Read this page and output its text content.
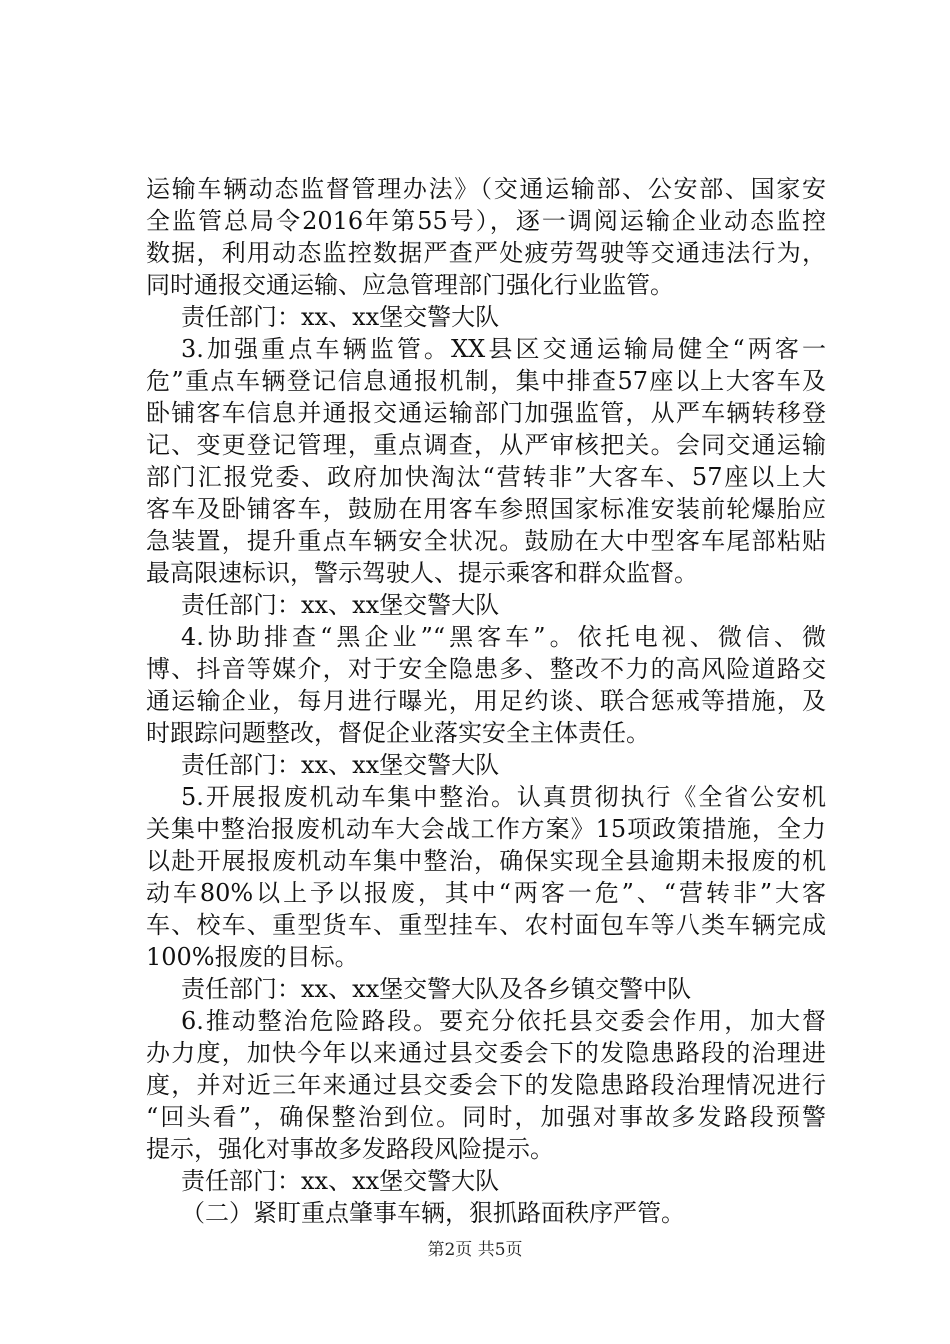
运输车辆动态监督管理办法》（交通运输部、公安部、国家安
全监管总局令2016年第55号），逐一调阅运输企业动态监控
数据，利用动态监控数据严查严处疲劳驾驶等交通违法行为，
同时通报交通运输、应急管理部门强化行业监管。
责任部门：xx、xx堡交警大队
3.加强重点车辆监管。XX县区交通运输局健全“两客一
危”重点车辆登记信息通报机制，集中排查57座以上大客车及
卧铺客车信息并通报交通运输部门加强监管，从严车辆转移登
记、变更登记管理，重点调查，从严审核把关。会同交通运输
部门汇报党委、政府加快淘汰“营转非”大客车、57座以上大
客车及卧铺客车，鼓励在用客车参照国家标准安装前轮爆胎应
急装置，提升重点车辆安全状况。鼓励在大中型客车尾部粘贴
最高限速标识，警示驾驶人、提示乘客和群众监督。
责任部门：xx、xx堡交警大队
4.协助排查“黑企业”“黑客车”。依托电视、微信、微
博、抖音等媒介，对于安全隐患多、整改不力的高风险道路交
通运输企业，每月进行曝光，用足约谈、联合惩戒等措施，及
时跟踪问题整改，督促企业落实安全主体责任。
责任部门：xx、xx堡交警大队
5.开展报废机动车集中整治。认真贯彻执行《全省公安机
关集中整治报废机动车大会战工作方案》15项政策措施，全力
以赴开展报废机动车集中整治，确保实现全县逾期未报废的机
动车80%以上予以报废，其中“两客一危”、“营转非”大客
车、校车、重型货车、重型挂车、农村面包车等八类车辆完成
100%报废的目标。
责任部门：xx、xx堡交警大队及各乡镇交警中队
6.推动整治危险路段。要充分依托县交委会作用，加大督
办力度，加快今年以来通过县交委会下的发隐患路段的治理进
度，并对近三年来通过县交委会下的发隐患路段治理情况进行
“回头看”，确保整治到位。同时，加强对事故多发路段预警
提示，强化对事故多发路段风险提示。
责任部门：xx、xx堡交警大队
（二）紧盯重点肇事车辆，狠抓路面秩序严管。
第2页 共5页
